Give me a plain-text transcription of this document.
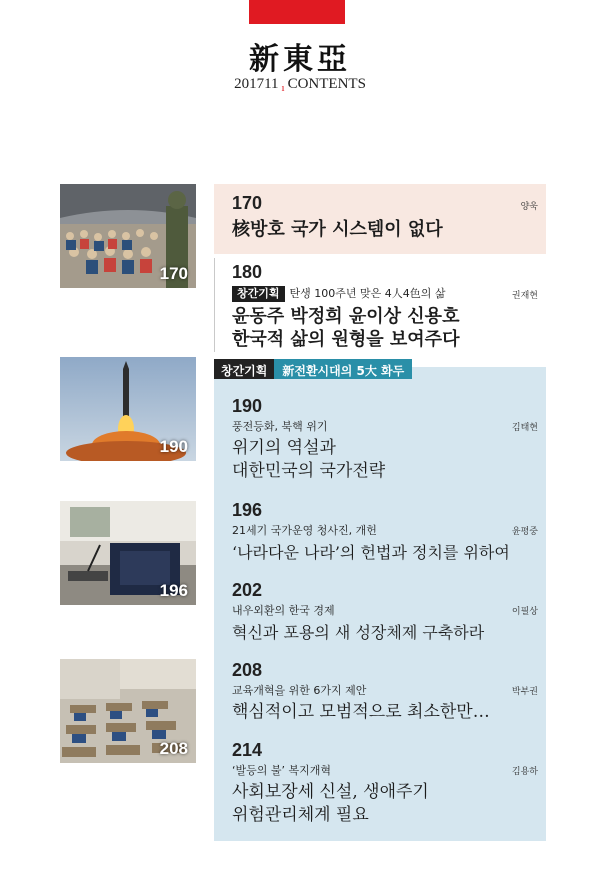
新東亞
201711 $_ı$ CONTENTS
170
190
196
208
창간기획	新전환시대의 5大 화두
170	양욱
核방호 국가 시스템이 없다
180
권재현
창간기획 탄생 100주년 맞은 4人4色의 삶
윤동주 박정희 윤이상 신용호
한국적 삶의 원형을 보여주다
190
김태현
풍전등화, 북핵 위기
위기의 역설과
대한민국의 국가전략
196
윤평중
21세기 국가운영 청사진, 개헌
‘나라다운 나라’의 헌법과 정치를 위하여
202
이필상
내우외환의 한국 경제
혁신과 포용의 새 성장체제 구축하라
208
박부권
교육개혁을 위한 6가지 제안
핵심적이고 모범적으로 최소한만…
214
김용하
‘발등의 불’ 복지개혁
사회보장세 신설, 생애주기
위험관리체계 필요
